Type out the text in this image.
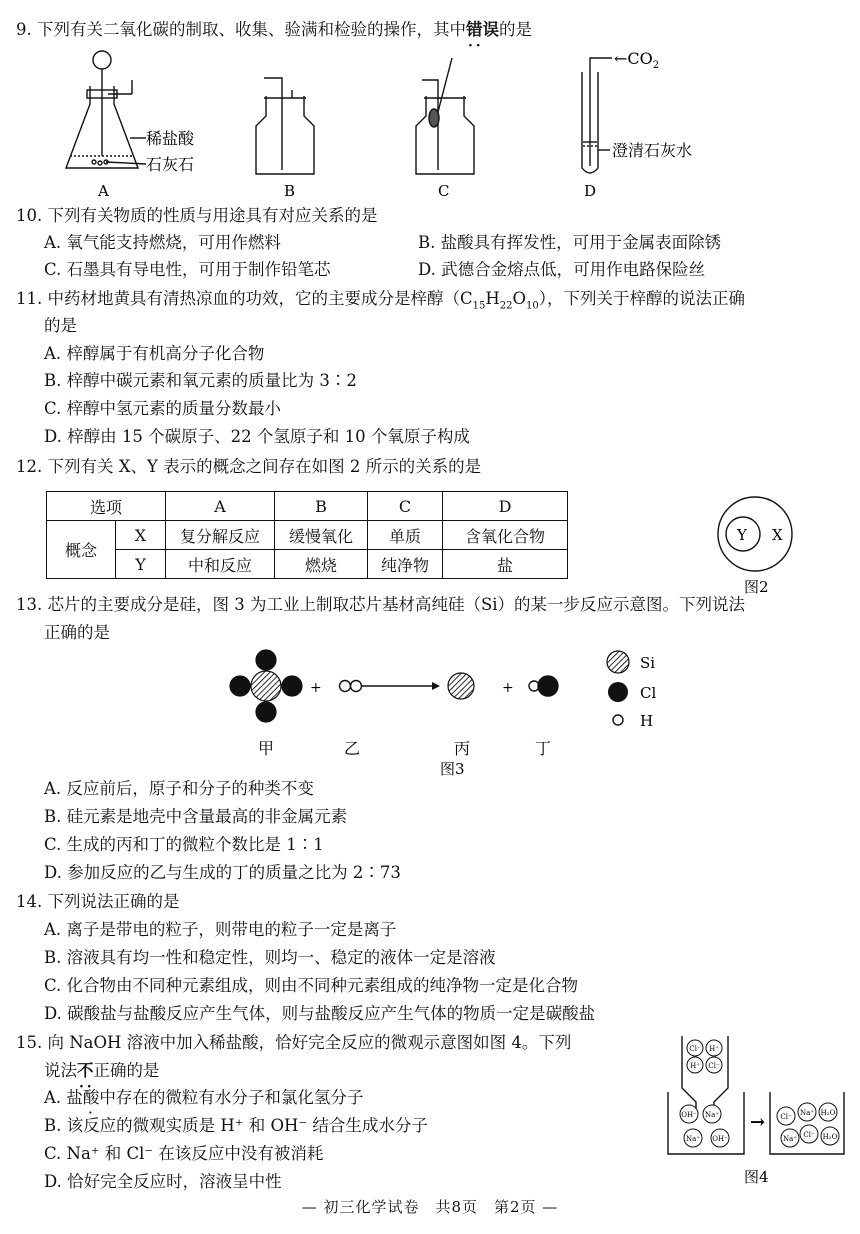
9. 下列有关二氧化碳的制取、收集、验满和检验的操作，其中错误 · ·的是
稀盐酸
石灰石
A	B	C
$\leftarrow CO_2$
澄清石灰水
D
10. 下列有关物质的性质与用途具有对应关系的是
A. 氧气能支持燃烧，可用作燃料	B. 盐酸具有挥发性，可用于金属表面除锈
C. 石墨具有导电性，可用于制作铅笔芯	D. 武德合金熔点低，可用作电路保险丝
11. 中药材地黄具有清热凉血的功效，它的主要成分是梓醇$(C_{15}H_{22}O_{10})$，下列关于梓醇的说法正确
的是
A. 梓醇属于有机高分子化合物
B. 梓醇中碳元素和氧元素的质量比为 3∶2
C. 梓醇中氢元素的质量分数最小
D. 梓醇由 15 个碳原子、22 个氢原子和 10 个氧原子构成
12. 下列有关 X、Y 表示的概念之间存在如图 2 所示的关系的是
选项		A	B	C	D
概念	X	复分解反应	缓慢氧化	单质	含氧化合物
	Y	中和反应	燃烧	纯净物	盐
Y X
图2
13. 芯片的主要成分是硅，图 3 为工业上制取芯片基材高纯硅（Si）的某一步反应示意图。下列说法
正确的是
+	+
甲	乙	丙	丁
图3
Si
Cl
H
A. 反应前后，原子和分子的种类不变
B. 硅元素是地壳中含量最高的非金属元素
C. 生成的丙和丁的微粒个数比是 1∶1
D. 参加反应的乙与生成的丁的质量之比为 2∶73
14. 下列说法正确的是
A. 离子是带电的粒子，则带电的粒子一定是离子
B. 溶液具有均一性和稳定性，则均一、稳定的液体一定是溶液
C. 化合物由不同种元素组成，则由不同种元素组成的纯净物一定是化合物
D. 碳酸盐与盐酸反应产生气体，则与盐酸反应产生气体的物质一定是碳酸盐
15. 向 NaOH 溶液中加入稀盐酸，恰好完全反应的微观示意图如图 4。下列
说法不 · ·正确的是
A. 盐酸中存在的微粒有水分子和氯化氢分子
B. 该反应的微观实质是 H⁺ 和 OH⁻ 结合生成水分子
C. Na⁺ 和 Cl⁻ 在该反应中没有被消耗
D. 恰好完全反应时，溶液呈中性
Cl⁻ H⁺
H⁺ Cl⁻
OH⁻ Na⁺
Na⁺ OH⁻
→ Cl⁻ Na⁺ H₂O
Na⁺ Cl⁻ H₂O
图4
— 初三化学试卷　共8页　第2页 —
